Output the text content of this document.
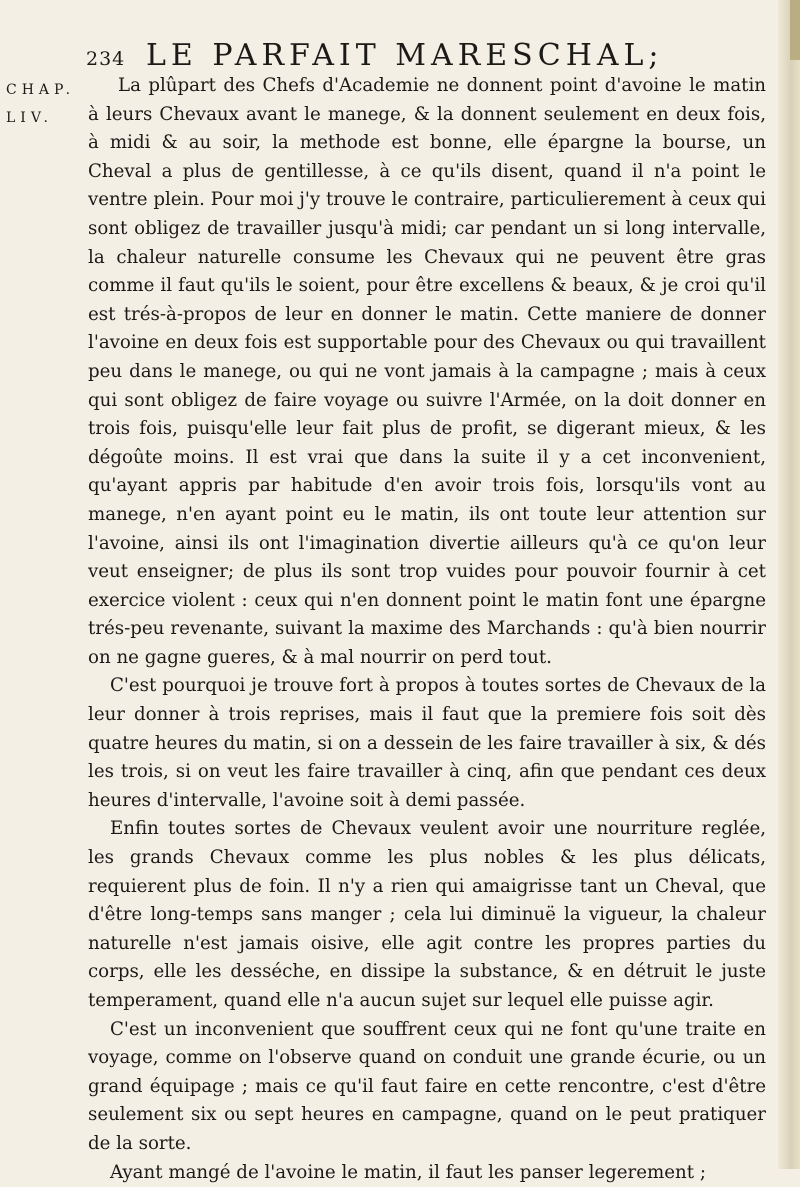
234 LE PARFAIT MARESCHAL;
CHAP.
LIV.

La plûpart des Chefs d'Academie ne donnent point d'avoine le matin à leurs Chevaux avant le manege, & la donnent seulement en deux fois, à midi & au soir, la methode est bonne, elle épargne la bourse, un Cheval a plus de gentillesse, à ce qu'ils disent, quand il n'a point le ventre plein. Pour moi j'y trouve le contraire, particulierement à ceux qui sont obligez de travailler jusqu'à midi; car pendant un si long intervalle, la chaleur naturelle consume les Chevaux qui ne peuvent être gras comme il faut qu'ils le soient, pour être excellens & beaux, & je croi qu'il est trés-à-propos de leur en donner le matin. Cette maniere de donner l'avoine en deux fois est supportable pour des Chevaux ou qui travaillent peu dans le manege, ou qui ne vont jamais à la campagne ; mais à ceux qui sont obligez de faire voyage ou suivre l'Armée, on la doit donner en trois fois, puisqu'elle leur fait plus de profit, se digerant mieux, & les dégoûte moins. Il est vrai que dans la suite il y a cet inconvenient, qu'ayant appris par habitude d'en avoir trois fois, lorsqu'ils vont au manege, n'en ayant point eu le matin, ils ont toute leur attention sur l'avoine, ainsi ils ont l'imagination divertie ailleurs qu'à ce qu'on leur veut enseigner; de plus ils sont trop vuides pour pouvoir fournir à cet exercice violent : ceux qui n'en donnent point le matin font une épargne trés-peu revenante, suivant la maxime des Marchands : qu'à bien nourrir on ne gagne gueres, & à mal nourrir on perd tout.

C'est pourquoi je trouve fort à propos à toutes sortes de Chevaux de la leur donner à trois reprises, mais il faut que la premiere fois soit dès quatre heures du matin, si on a dessein de les faire travailler à six, & dés les trois, si on veut les faire travailler à cinq, afin que pendant ces deux heures d'intervalle, l'avoine soit à demi passée.

Enfin toutes sortes de Chevaux veulent avoir une nourriture reglée, les grands Chevaux comme les plus nobles & les plus délicats, requierent plus de foin. Il n'y a rien qui amaigrisse tant un Cheval, que d'être long-temps sans manger ; cela lui diminuë la vigueur, la chaleur naturelle n'est jamais oisive, elle agit contre les propres parties du corps, elle les desséche, en dissipe la substance, & en détruit le juste temperament, quand elle n'a aucun sujet sur lequel elle puisse agir.

C'est un inconvenient que souffrent ceux qui ne font qu'une traite en voyage, comme on l'observe quand on conduit une grande écurie, ou un grand équipage ; mais ce qu'il faut faire en cette rencontre, c'est d'être seulement six ou sept heures en campagne, quand on le peut pratiquer de la sorte.

Ayant mangé de l'avoine le matin, il faut les panser legerement ;
